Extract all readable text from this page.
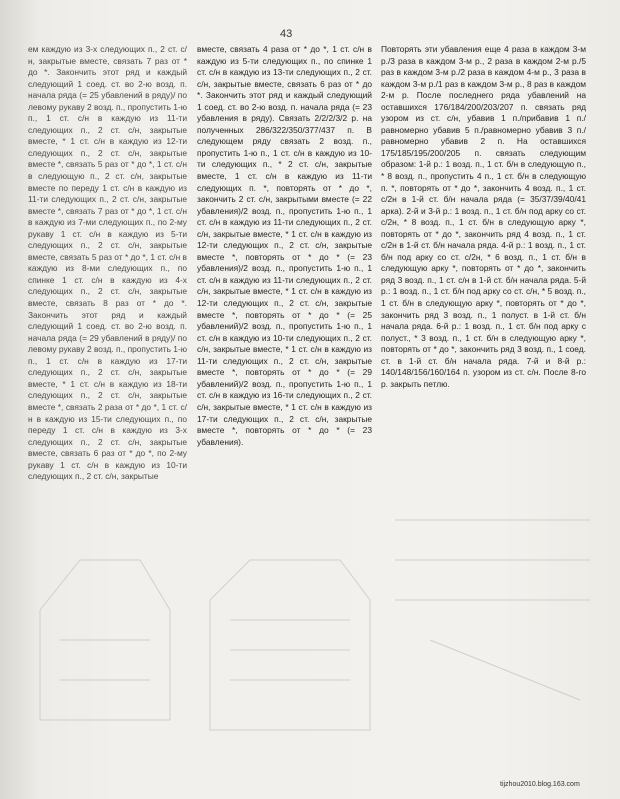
43
ем каждую из 3-х следующих п., 2 ст. с/н, закрытые вместе, связать 7 раз от * до *. Закончить этот ряд и каждый следующий 1 соед. ст. во 2-ю возд. п. начала ряда (= 25 убавлений в ряду)/ по левому рукаву 2 возд. п., пропустить 1-ю п., 1 ст. с/н в каждую из 11-ти следующих п., 2 ст. с/н, закрытые вместе, * 1 ст. с/н в каждую из 12-ти следующих п., 2 ст. с/н, закрытые вместе *, связать 5 раз от * до *, 1 ст. с/н в следующую п., 2 ст. с/н, закрытые вместе по переду 1 ст. с/н в каждую из 11-ти следующих п., 2 ст. с/н, закрытые вместе *, связать 7 раз от * до *, 1 ст. с/н в каждую из 7-ми следующих п., по 2-му рукаву 1 ст. с/н в каждую из 5-ти следующих п., 2 ст. с/н, закрытые вместе, связать 5 раз от * до *, 1 ст. с/н в каждую из 8-ми следующих п., по спинке 1 ст. с/н в каждую из 4-х следующих п., 2 ст. с/н, закрытые вместе, связать 8 раз от * до *. Закончить этот ряд и каждый следующий 1 соед. ст. во 2-ю возд. п. начала ряда (= 29 убавлений в ряду)/ по левому рукаву 2 возд. п., пропустить 1-ю п., 1 ст. с/н в каждую из 17-ти следующих п., 2 ст. с/н, закрытые вместе, * 1 ст. с/н в каждую из 18-ти следующих п., 2 ст. с/н, закрытые вместе *, связать 2 раза от * до *, 1 ст. с/н в каждую из 15-ти следующих п., по переду 1 ст. с/н в каждую из 3-х следующих п., 2 ст. с/н, закрытые вместе, связать 6 раз от * до *, по 2-му рукаву 1 ст. с/н в каждую из 10-ти следующих п., 2 ст. с/н, закрытые
вместе, связать 4 раза от * до *, 1 ст. с/н в каждую из 5-ти следующих п., по спинке 1 ст. с/н в каждую из 13-ти следующих п., 2 ст. с/н, закрытые вместе, связать 6 раз от * до *. Закончить этот ряд и каждый следующий 1 соед. ст. во 2-ю возд. п. начала ряда (= 23 убавления в ряду). Связать 2/2/2/3/2 р. на полученных 286/322/350/377/437 п. В следующем ряду связать 2 возд. п., пропустить 1-ю п., 1 ст. с/н в каждую из 10-ти следующих п., * 2 ст. с/н, закрытые вместе, 1 ст. с/н в каждую из 11-ти следующих п. *, повторять от * до *, закончить 2 ст. с/н, закрытыми вместе (= 22 убавления)/2 возд. п., пропустить 1-ю п., 1 ст. с/н в каждую из 11-ти следующих п., 2 ст. с/н, закрытые вместе, * 1 ст. с/н в каждую из 12-ти следующих п., 2 ст. с/н, закрытые вместе *, повторять от * до * (= 23 убавления)/2 возд. п., пропустить 1-ю п., 1 ст. с/н в каждую из 11-ти следующих п., 2 ст. с/н, закрытые вместе, * 1 ст. с/н в каждую из 12-ти следующих п., 2 ст. с/н, закрытые вместе *, повторять от * до * (= 25 убавлений)/2 возд. п., пропустить 1-ю п., 1 ст. с/н в каждую из 10-ти следующих п., 2 ст. с/н, закрытые вместе, * 1 ст. с/н в каждую из 11-ти следующих п., 2 ст. с/н, закрытые вместе *, повторять от * до * (= 29 убавлений)/2 возд. п., пропустить 1-ю п., 1 ст. с/н в каждую из 16-ти следующих п., 2 ст. с/н, закрытые вместе, * 1 ст. с/н в каждую из 17-ти следующих п., 2 ст. с/н, закрытые вместе *, повторять от * до * (= 23 убавления).
Повторять эти убавления еще 4 раза в каждом 3-м р./3 раза в каждом 3-м р., 2 раза в каждом 2-м р./5 раз в каждом 3-м р./2 раза в каждом 4-м р., 3 раза в каждом 3-м р./1 раз в каждом 3-м р., 8 раз в каждом 2-м р. После последнего ряда убавлений на оставшихся 176/184/200/203/207 п. связать ряд узором из ст. с/н, убавив 1 п./прибавив 1 п./равномерно убавив 5 п./равномерно убавив 3 п./равномерно убавив 2 п. На оставшихся 175/185/195/200/205 п. связать следующим образом: 1-й р.: 1 возд. п., 1 ст. б/н в следующую п., * 8 возд. п., пропустить 4 п., 1 ст. б/н в следующую п. *, повторять от * до *, закончить 4 возд. п., 1 ст. с/2н в 1-й ст. б/н начала ряда (= 35/37/39/40/41 арка). 2-й и 3-й р.: 1 возд. п., 1 ст. б/н под арку со ст. с/2н, * 8 возд. п., 1 ст. б/н в следующую арку *, повторять от * до *, закончить ряд 4 возд. п., 1 ст. с/2н в 1-й ст. б/н начала ряда. 4-й р.: 1 возд. п., 1 ст. б/н под арку со ст. с/2н, * 6 возд. п., 1 ст. б/н в следующую арку *, повторять от * до *, закончить ряд 3 возд. п., 1 ст. с/н в 1-й ст. б/н начала ряда. 5-й р.: 1 возд. п., 1 ст. б/н под арку со ст. с/н, * 5 возд. п., 1 ст. б/н в следующую арку *, повторять от * до *, закончить ряд 3 возд. п., 1 полуст. в 1-й ст. б/н начала ряда. 6-й р.: 1 возд. п., 1 ст. б/н под арку с полуст., * 3 возд. п., 1 ст. б/н в следующую арку *, повторять от * до *, закончить ряд 3 возд. п., 1 соед. ст. в 1-й ст. б/н начала ряда. 7-й и 8-й р.: 140/148/156/160/164 п. узором из ст. с/н. После 8-го р. закрыть петлю.
tijzhou2010.blog.163.com
